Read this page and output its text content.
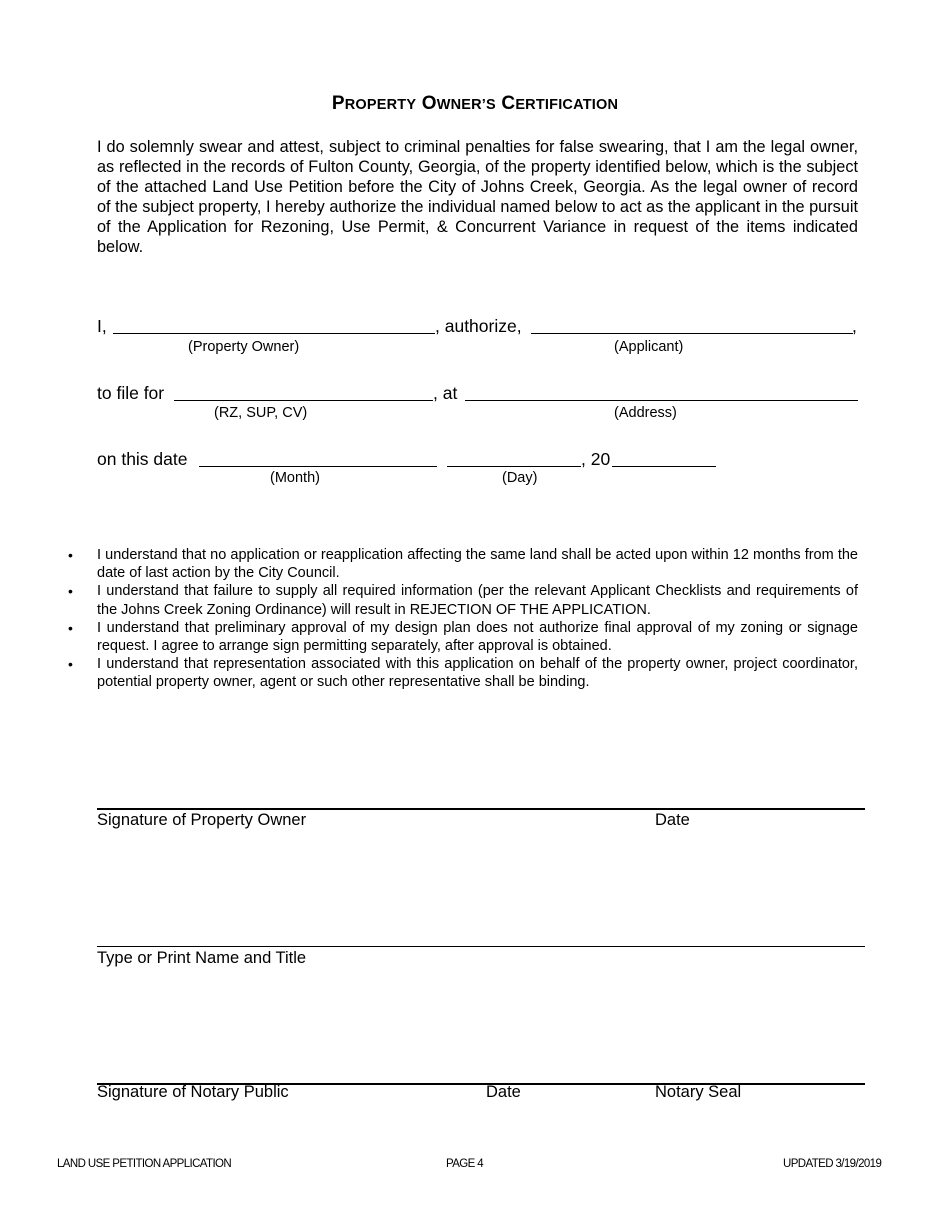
PROPERTY OWNER’S CERTIFICATION
I do solemnly swear and attest, subject to criminal penalties for false swearing, that I am the legal owner, as reflected in the records of Fulton County, Georgia, of the property identified below, which is the subject of the attached Land Use Petition before the City of Johns Creek, Georgia. As the legal owner of record of the subject property, I hereby authorize the individual named below to act as the applicant in the pursuit of the Application for Rezoning, Use Permit, & Concurrent Variance in request of the items indicated below.
I,	, authorize,	,
(Property Owner)	(Applicant)
to file for	, at
(RZ, SUP, CV)	(Address)
on this date	, 20
(Month)	(Day)
• I understand that no application or reapplication affecting the same land shall be acted upon within 12 months from the date of last action by the City Council.
• I understand that failure to supply all required information (per the relevant Applicant Checklists and requirements of the Johns Creek Zoning Ordinance) will result in REJECTION OF THE APPLICATION.
• I understand that preliminary approval of my design plan does not authorize final approval of my zoning or signage request. I agree to arrange sign permitting separately, after approval is obtained.
• I understand that representation associated with this application on behalf of the property owner, project coordinator, potential property owner, agent or such other representative shall be binding.
Signature of Property Owner	Date
Type or Print Name and Title
Signature of Notary Public	Date	Notary Seal
LAND USE PETITION APPLICATION	PAGE 4	UPDATED 3/19/2019
